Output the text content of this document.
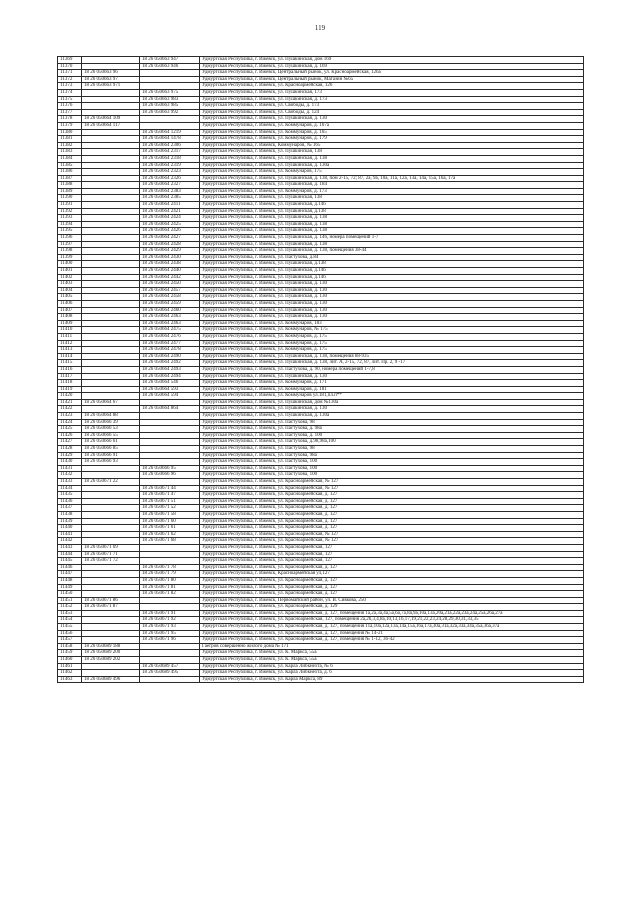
119
11369		18 26 050663 947	Удмуртская Республика, г. Ижевск, ул. Пушкинская, дом 169
11370		18 26 050663 946	Удмуртская Республика, г. Ижевск, ул. Пушкинская, д. 169
11371	18 26 050663 96		Удмуртская Республика, г. Ижевск, Центральный рынок, ул. Красноармейская, 126а
11372	18 26 050663 97		Удмуртская Республика, г. Ижевск, Центральный рынок, Магазин №65
11373	18 26 050663 971		Удмуртская Республика, г. Ижевск, ул. Красноармейская, 126
11374		18 26 050663 975	Удмуртская Республика, г. Ижевск, ул. Пушкинская, 173
11375		18 26 050663 983	Удмуртская Республика, г. Ижевск, ул. Пушкинская, д. 173
11376		18 26 050663 985	Удмуртская Республика, г. Ижевск, ул. Свободы, д. 173
11377		18 26 050663 992	Удмуртская Республика, г. Ижевск, ул. Свободы, д. 124
11378	18 26 050664 109		Удмуртская Республика, г. Ижевск, ул. Пушкинская, д. 130
11379	18 26 050664 117		Удмуртская Республика, г. Ижевск, ул. Коммунаров, д. 167а
11380		18 26 050664 1219	Удмуртская Республика, г. Ижевск, ул. Коммунаров, д. 165
11381		18 26 050664 1478	Удмуртская Республика, г. Ижевск, ул. Коммунаров, д. 179
11382		18 26 050664 2306	Удмуртская Республика, г. Ижевск, Коммунаров, № 165
11383		18 26 050664 2317	Удмуртская Республика, г. Ижевск, ул. Пушкинская, 138
11384		18 26 050664 2318	Удмуртская Республика, г. Ижевск, ул. Пушкинская, д. 138
11385		18 26 050664 2319	Удмуртская Республика, г. Ижевск, ул. Пушкинская, д. 130а
11386		18 26 050664 2323	Удмуртская Республика, г. Ижевск, ул. Коммунаров, 175
11387		18 26 050664 2326	Удмуртская Республика, г. Ижевск, ул. Пушкинская, д. 138, пом 2-15, 72; 87, 2а, 9а, 10а, 11а, 12а, 13а, 14а, 15а, 16а, 17а
11388		18 26 050664 2327	Удмуртская Республика, г. Ижевск, ул. Пушкинская, д. 184
11389		18 26 050664 2383	Удмуртская Республика, г. Ижевск, ул. Коммунаров, д. 173
11390		18 26 050664 2385	Удмуртская Республика, г. Ижевск, ул. Пушкинская, 138
11391		18 26 050664 2411	Удмуртская Республика, г. Ижевск, ул. Пушкинская, д.146
11392		18 26 050664 2421	Удмуртская Республика, г. Ижевск, ул. Пушкинская, д.138
11393		18 26 050664 2424	Удмуртская Республика, г. Ижевск, ул. Пушкинская, д. 138
11394		18 26 050664 2425	Удмуртская Республика, г. Ижевск, ул. Пушкинская, д. 138
11395		18 26 050664 2426	Удмуртская Республика, г. Ижевск, ул. Пушкинская, д. 138
11396		18 26 050664 2427	Удмуртская Республика, г. Ижевск, ул. Пушкинская, д. 146, номера помещений 1-7
11397		18 26 050664 2428	Удмуртская Республика, г. Ижевск, ул. Пушкинская, д. 138
11398		18 26 050664 2429	Удмуртская Республика, г. Ижевск, ул. Пушкинская, д. 138, помещения 38-44
11399		18 26 050664 2430	Удмуртская Республика, г. Ижевск, ул. Пастухова, д.84
11400		18 26 050664 2438	Удмуртская Республика, г. Ижевск, ул. Пушкинская, д.138
11401		18 26 050664 2440	Удмуртская Республика, г. Ижевск, ул. Пушкинская, д.146
11402		18 26 050664 2442	Удмуртская Республика, г. Ижевск, ул. Пушкинская, д.146
11403		18 26 050664 2450	Удмуртская Республика, г. Ижевск, ул. Пушкинская, д. 130
11404		18 26 050664 2457	Удмуртская Республика, г. Ижевск, ул. Пушкинская, д. 130
11405		18 26 050664 2458	Удмуртская Республика, г. Ижевск, ул. Пушкинская, д. 130
11406		18 26 050664 2459	Удмуртская Республика, г. Ижевск, ул. Пушкинская, д. 130
11407		18 26 050664 2460	Удмуртская Республика, г. Ижевск, ул. Пушкинская, д. 130
11408		18 26 050664 2463	Удмуртская Республика, г. Ижевск, ул. Пушкинская, д. 130
11409		18 26 050664 2463	Удмуртская Республика, г. Ижевск, ул. Коммунаров, 183
11410		18 26 050664 2475	Удмуртская Республика, г. Ижевск, ул. Коммунаров, № 175
11411		18 26 050664 2476	Удмуртская Республика, г. Ижевск, ул. Коммунаров, д. 175
11412		18 26 050664 2477	Удмуртская Республика, г. Ижевск, ул. Коммунаров, д. 175
11413		18 26 050664 2478	Удмуртская Республика, г. Ижевск, ул. Коммунаров, д. 175
11414		18 26 050664 2490	Удмуртская Республика, г. Ижевск, ул. Пушкинская, д. 138, помещения 88-935
11415		18 26 050664 2492	Удмуртская Республика, г. Ижевск, ул. Пушкинская, д. 138, лит. А, 2-15, 72, 87, лит. Пр. 2, 9 -17
11416		18 26 050664 2493	Удмуртская Республика, г. Ижевск, ул. Пастухова, д. 90, номера помещений 1-7,8
11417		18 26 050664 2494	Удмуртская Республика, г. Ижевск, ул. Пушкинская, д. 130
11418		18 26 050664 546	Удмуртская Республика, г. Ижевск, ул. Коммунаров, д. 171
11419		18 26 050664 593	Удмуртская Республика, г. Ижевск, ул. Коммунаров, д. 181
11420		18 26 050664 594	Удмуртская Республика, г. Ижевск, ул. Коммунаров ул.181,пл.п**
11421	18 26 050664 67		Удмуртская Республика, г. Ижевск, ул. Пушкинская, дом №130а
11422		18 26 050664 864	Удмуртская Республика, г. Ижевск, ул. Пушкинская, д. 130
11423	18 26 050664 88		Удмуртская Республика, г. Ижевск, ул. Пушкинская, д. 130а
11424	18 26 050666 39		Удмуртская Республика, г. Ижевск, ул. Пастухова, 98
11425	18 26 050666 53		Удмуртская Республика, г. Ижевск, ул. Пастухова, д. 98а
11426	18 26 050666 55		Удмуртская Республика, г. Ижевск, ул. Пастухова, д. 100
11427	18 26 050666 61		Удмуртская Республика, г. Ижевск, ул. Пастухова, д.98,98а,100
11428	18 26 050666 85		Удмуртская Республика, г. Ижевск, ул. Пастухова, 98
11429	18 26 050666 91		Удмуртская Республика, г. Ижевск, ул. Пастухова, 98а
11430	18 26 050666 93		Удмуртская Республика, г. Ижевск, ул. Пастухова, 100
11431		18 26 050666 95	Удмуртская Республика, г. Ижевск, ул. Пастухова, 100
11432		18 26 050666 96	Удмуртская Республика, г. Ижевск, ул. Пастухова, 100
11433	18 26 050671 22		Удмуртская Республика, г. Ижевск, ул. Красноармейская, № 127
11434		18 26 050671 44	Удмуртская Республика, г. Ижевск, ул. Красноармейская, № 127
11435		18 26 050671 47	Удмуртская Республика, г. Ижевск, ул. Красноармейская, д. 127
11436		18 26 050671 51	Удмуртская Республика, г. Ижевск, ул. Красноармейская, д. 127
11437		18 26 050671 52	Удмуртская Республика, г. Ижевск, ул. Красноармейская, д. 127
11438		18 26 050671 58	Удмуртская Республика, г. Ижевск, ул. Красноармейская, д. 127
11439		18 26 050671 60	Удмуртская Республика, г. Ижевск, ул. Красноармейская, д. 127
11440		18 26 050671 61	Удмуртская Республика, г. Ижевск, ул. Красноармейская, д. 127
11441		18 26 050671 62	Удмуртская Республика, г. Ижевск, ул. Красноармейская, № 127
11442		18 26 050671 68	Удмуртская Республика, г. Ижевск, ул. Красноармейская, № 127
11443	18 26 050671 69		Удмуртская Республика, г. Ижевск, ул. Красноармейская, 127
11444	18 26 050671 71		Удмуртская Республика, г. Ижевск, ул. Красноармейская, 127
11445	18 26 050671 72		Удмуртская Республика, г. Ижевск, ул. Красноармейская, 127
11446		18 26 050671 78	Удмуртская Республика, г. Ижевск, ул. Красноармейская, д. 127
11447		18 26 050671 79	Удмуртская Республика, г. Ижевск, Красноармейская ул,127
11448		18 26 050671 80	Удмуртская Республика, г. Ижевск, ул. Красноармейская, д. 127
11449		18 26 050671 81	Удмуртская Республика, г. Ижевск, ул. Красноармейская, д. 127
11450		18 26 050671 82	Удмуртская Республика, г. Ижевск, ул. Красноармейская, д. 127
11451	18 26 050671 86		Удмуртская Республика, г. Ижевск, Первомайский район, ул. В. Сивкова, 250
11452	18 26 050671 87		Удмуртская Республика, г. Ижевск, ул. Красноармейская, д. 129
11453		18 26 050671 91	Удмуртская Республика, г. Ижевск, ул. Красноармейская, д. 127, помещения 1а,2а,3а,4а,5а,6а,7а,8а,9а,10а,13а,20а,21а,22а,23а,24а,25а,26а,27а
11454		18 26 050671 92	Удмуртская Республика, г. Ижевск, ул. Красноармейская, 127, помещения 2а,2б,3,4,8а,10,13,16,17,19,21,22,23,24,28,29,30,31,33,35
11455		18 26 050671 93	Удмуртская Республика, г. Ижевск, ул. Красноармейская, д. 127, помещения 11а,10а,12а,13а,14а,15а,16а,17а,30а,31а,32а,33а,34а,35а,36а,37а
11456		18 26 050671 95	Удмуртская Республика, г. Ижевск, ул. Красноармейская, д. 127, помещения № 14-21
11457		18 26 050671 96	Удмуртская Республика, г. Ижевск, ул. Красноармейская, д. 127, помещения № 1-12, 36-42
11458	18 26 050689 188		Гаегров совершенно жилого дома № 171
11459	18 26 050689 200		Удмуртская Республика, г. Ижевск, ул. К. Маркса, 55а
11460	18 26 050689 202		Удмуртская Республика, г. Ижевск, ул. К. Маркса, 55а
11461		18 26 050689 457	Удмуртская Республика, г. Ижевск, ул. Карла Либкнехта, № 6
11462		18 26 050689 495	Удмуртская Республика, г. Ижевск, ул. Карла Либкнехта, д. 6
11463	18 26 050689 496		Удмуртская Республика, г. Ижевск, ул. Карла Маркса, 89
